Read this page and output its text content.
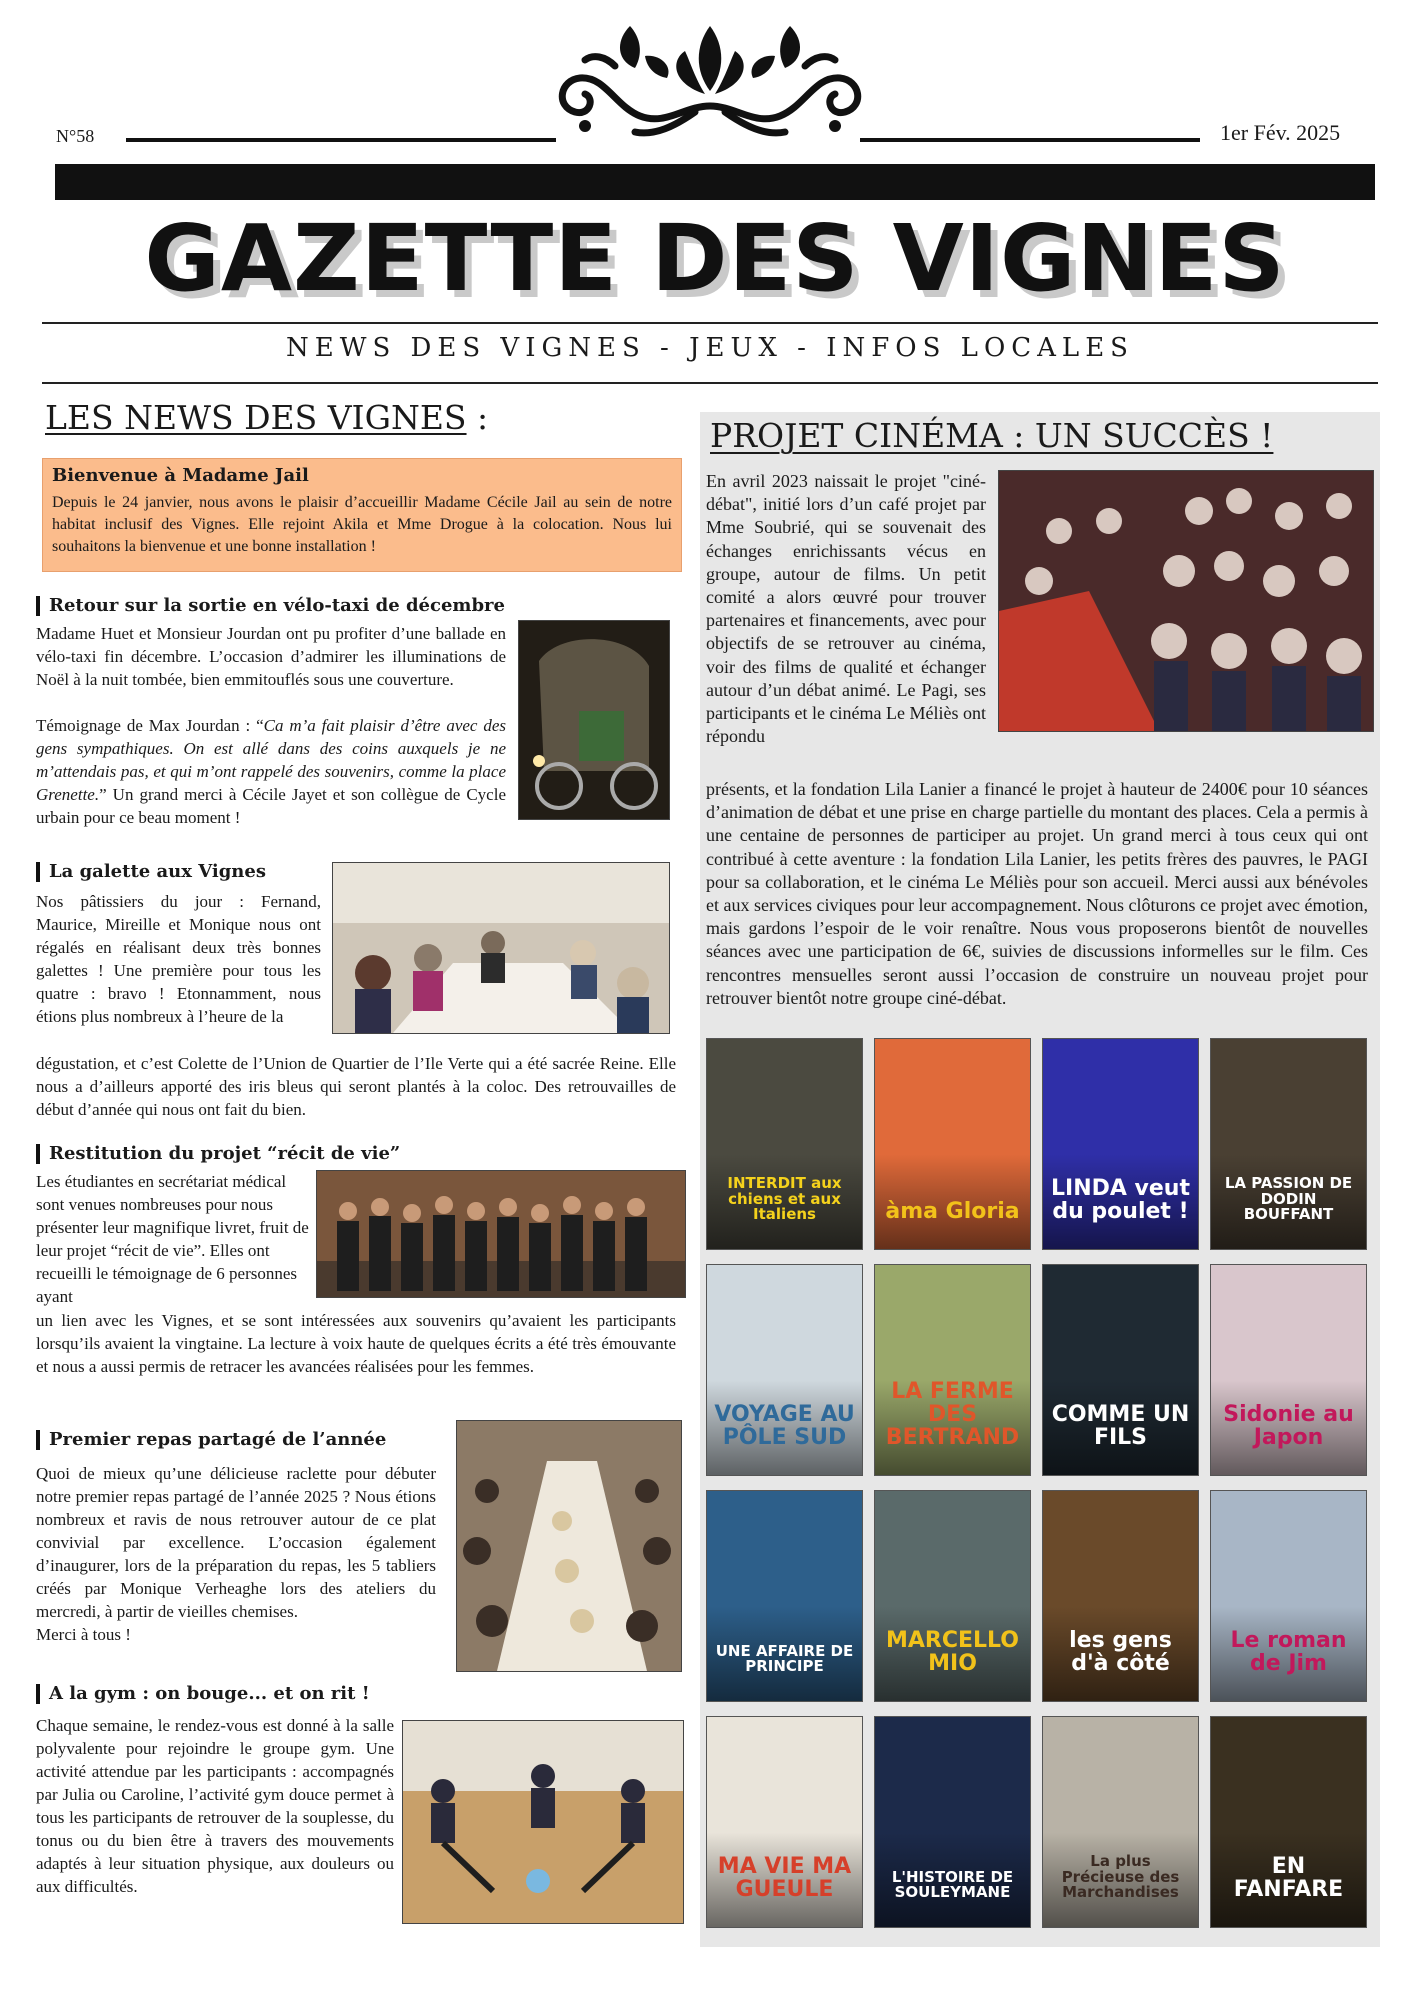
N°58	1er Fév. 2025
GAZETTE DES VIGNES
NEWS DES VIGNES - JEUX - INFOS LOCALES
LES NEWS DES VIGNES :
Bienvenue à Madame Jail

Depuis le 24 janvier, nous avons le plaisir d’accueillir Madame Cécile Jail au sein de notre habitat inclusif des Vignes. Elle rejoint Akila et Mme Drogue à la colocation. Nous lui souhaitons la bienvenue et une bonne installation !

Retour sur la sortie en vélo-taxi de décembre

Madame Huet et Monsieur Jourdan ont pu profiter d’une ballade en vélo-taxi fin décembre. L’occasion d’admirer les illuminations de Noël à la nuit tombée, bien emmitouflés sous une couverture.

Témoignage de Max Jourdan : “Ca m’a fait plaisir d’être avec des gens sympathiques. On est allé dans des coins auxquels je ne m’attendais pas, et qui m’ont rappelé des souvenirs, comme la place Grenette.” Un grand merci à Cécile Jayet et son collègue de Cycle urbain pour ce beau moment !
La galette aux Vignes
Nos pâtissiers du jour : Fernand, Maurice, Mireille et Monique nous ont régalés en réalisant deux très bonnes galettes ! Une première pour tous les quatre : bravo ! Etonnamment, nous étions plus nombreux à l’heure de la
dégustation, et c’est Colette de l’Union de Quartier de l’Ile Verte qui a été sacrée Reine. Elle nous a d’ailleurs apporté des iris bleus qui seront plantés à la coloc. Des retrouvailles de début d’année qui nous ont fait du bien.
Restitution du projet “récit de vie”
Les étudiantes en secrétariat médical sont venues nombreuses pour nous présenter leur magnifique livret, fruit de leur projet “récit de vie”. Elles ont recueilli le témoignage de 6 personnes ayant
un lien avec les Vignes, et se sont intéressées aux souvenirs qu’avaient les participants lorsqu’ils avaient la vingtaine. La lecture à voix haute de quelques écrits a été très émouvante et nous a aussi permis de retracer les avancées réalisées pour les femmes.
Premier repas partagé de l’année

Quoi de mieux qu’une délicieuse raclette pour débuter notre premier repas partagé de l’année 2025 ? Nous étions nombreux et ravis de nous retrouver autour de ce plat convivial par excellence. L’occasion également d’inaugurer, lors de la préparation du repas, les 5 tabliers créés par Monique Verheaghe lors des ateliers du mercredi, à partir de vieilles chemises.

Merci à tous !

A la gym : on bouge... et on rit !
Chaque semaine, le rendez-vous est donné à la salle polyvalente pour rejoindre le groupe gym. Une activité attendue par les participants : accompagnés par Julia ou Caroline, l’activité gym douce permet à tous les participants de retrouver de la souplesse, du tonus ou du bien être à travers des mouvements adaptés à leur situation physique, aux douleurs ou aux difficultés.
PROJET CINÉMA : UN SUCCÈS !
En avril 2023 naissait le projet "ciné-débat", initié lors d’un café projet par Mme Soubrié, qui se souvenait des échanges enrichissants vécus en groupe, autour de films. Un petit comité a alors œuvré pour trouver partenaires et financements, avec pour objectifs de se retrouver au cinéma, voir des films de qualité et échanger autour d’un débat animé. Le Pagi, ses participants et le cinéma Le Méliès ont répondu
présents, et la fondation Lila Lanier a financé le projet à hauteur de 2400€ pour 10 séances d’animation de débat et une prise en charge partielle du montant des places. Cela a permis à une centaine de personnes de participer au projet. Un grand merci à tous ceux qui ont contribué à cette aventure : la fondation Lila Lanier, les petits frères des pauvres, le PAGI pour sa collaboration, et le cinéma Le Méliès pour son accueil. Merci aussi aux bénévoles et aux services civiques pour leur accompagnement. Nous clôturons ce projet avec émotion, mais gardons l’espoir de le voir renaître. Nous vous proposerons bientôt de nouvelles séances avec une participation de 6€, suivies de discussions informelles sur le film. Ces rencontres mensuelles seront aussi l’occasion de construire un nouveau projet pour retrouver bientôt notre groupe ciné-débat.
INTERDIT aux chiens et aux Italiens	àma Gloria
LINDA veut du poulet !
LA PASSION DE DODIN BOUFFANT
VOYAGE AU PÔLE SUD
LA FERME DES BERTRAND
COMME UN FILS
Sidonie au Japon
UNE AFFAIRE DE PRINCIPE
MARCELLO MIO
les gens d'à côté
Le roman de Jim
MA VIE MA GUEULE
L'HISTOIRE DE SOULEYMANE
La plus Précieuse des Marchandises
EN FANFARE
